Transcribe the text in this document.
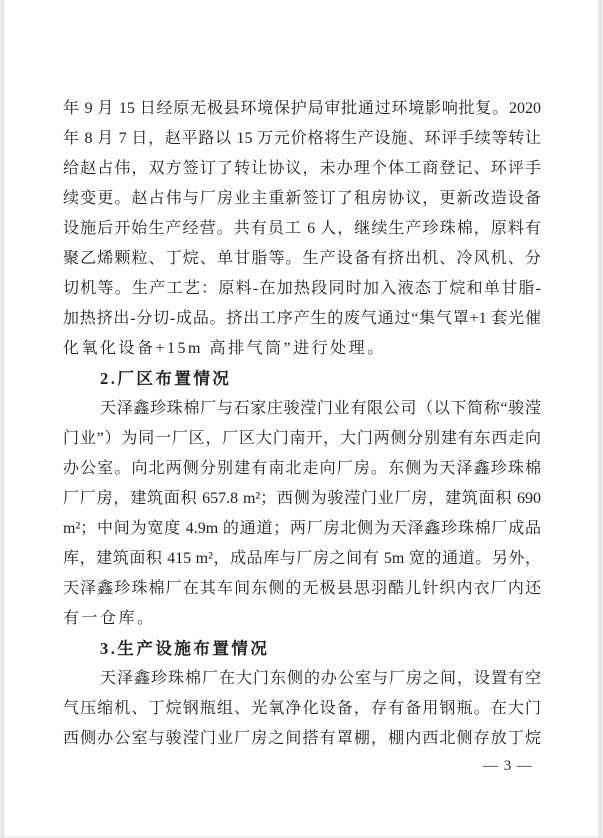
年 9 月 15 日经原无极县环境保护局审批通过环境影响批复。2020
年 8 月 7 日，赵平路以 15 万元价格将生产设施、环评手续等转让
给赵占伟，双方签订了转让协议，未办理个体工商登记、环评手
续变更。赵占伟与厂房业主重新签订了租房协议，更新改造设备
设施后开始生产经营。共有员工 6 人，继续生产珍珠棉，原料有
聚乙烯颗粒、丁烷、单甘脂等。生产设备有挤出机、冷风机、分
切机等。生产工艺：原料-在加热段同时加入液态丁烷和单甘脂-
加热挤出-分切-成品。挤出工序产生的废气通过“集气罩+1 套光催
化氧化设备+15m 高排气筒”进行处理。
2.厂区布置情况
天泽鑫珍珠棉厂与石家庄骏滢门业有限公司（以下简称“骏滢
门业”）为同一厂区，厂区大门南开，大门两侧分别建有东西走向
办公室。向北两侧分别建有南北走向厂房。东侧为天泽鑫珍珠棉
厂厂房，建筑面积 657.8 m²；西侧为骏滢门业厂房，建筑面积 690
m²；中间为宽度 4.9m 的通道；两厂房北侧为天泽鑫珍珠棉厂成品
库，建筑面积 415 m²，成品库与厂房之间有 5m 宽的通道。另外，
天泽鑫珍珠棉厂在其车间东侧的无极县思羽酷儿针织内衣厂内还
有一仓库。
3.生产设施布置情况
天泽鑫珍珠棉厂在大门东侧的办公室与厂房之间，设置有空
气压缩机、丁烷钢瓶组、光氧净化设备，存有备用钢瓶。在大门
西侧办公室与骏滢门业厂房之间搭有罩棚，棚内西北侧存放丁烷
— 3 —
